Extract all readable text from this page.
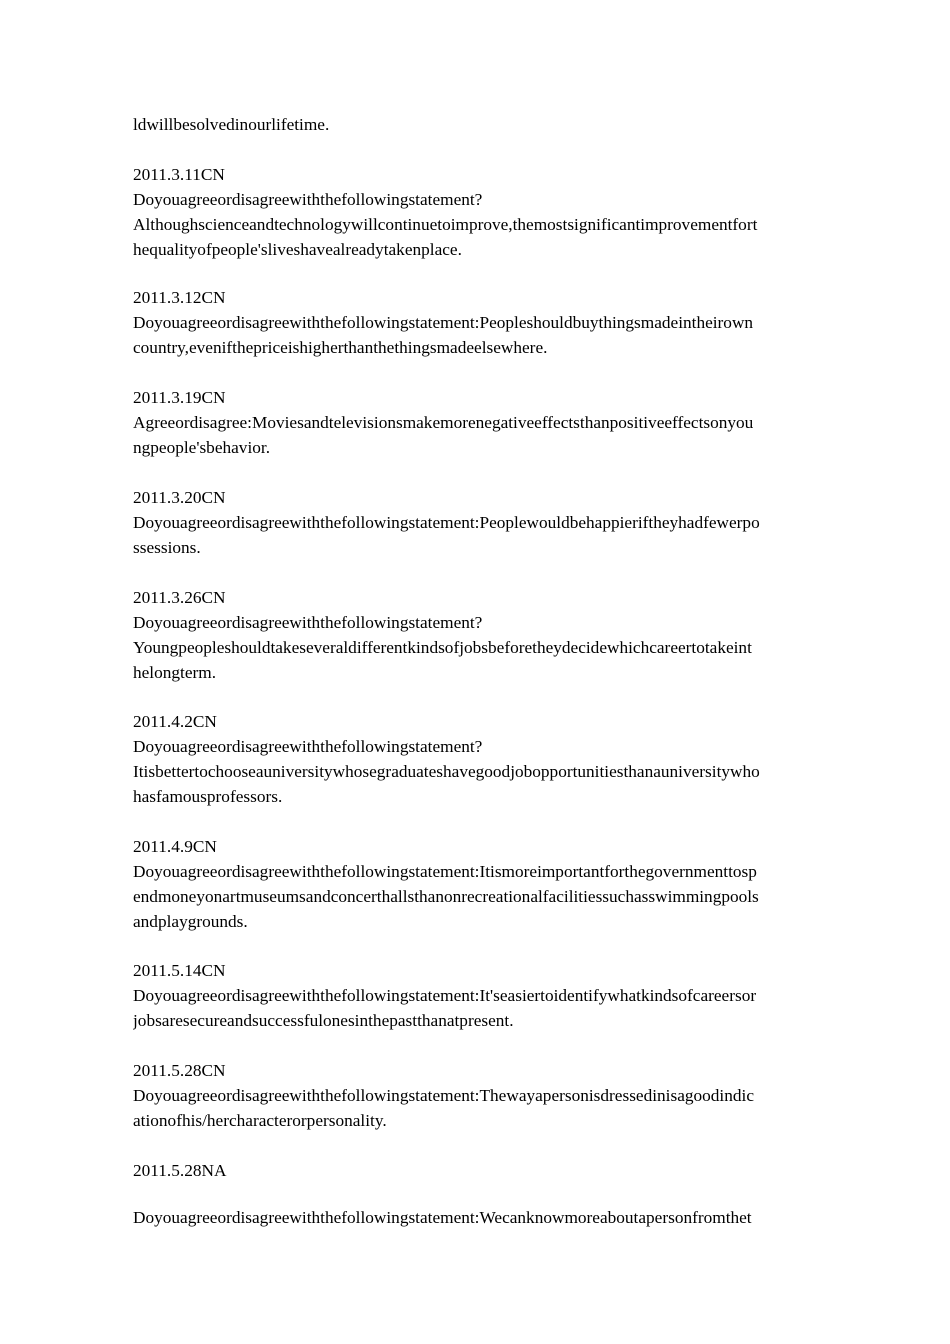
ldwillbesolvedinourlifetime.

2011.3.11CN

Doyouagreeordisagreewiththefollowingstatement?

Althoughscienceandtechnologywillcontinuetoimprove,themostsignificantimprovementfort

hequalityofpeople'sliveshavealreadytakenplace.

2011.3.12CN

Doyouagreeordisagreewiththefollowingstatement:Peopleshouldbuythingsmadeintheirown

country,evenifthepriceishigherthanthethingsmadeelsewhere.

2011.3.19CN

Agreeordisagree:Moviesandtelevisionsmakemorenegativeeffectsthanpositiveeffectsonyou

ngpeople'sbehavior.

2011.3.20CN

Doyouagreeordisagreewiththefollowingstatement:Peoplewouldbehappieriftheyhadfewerpo

ssessions.

2011.3.26CN

Doyouagreeordisagreewiththefollowingstatement?

Youngpeopleshouldtakeseveraldifferentkindsofjobsbeforetheydecidewhichcareertotakeint

helongterm.

2011.4.2CN

Doyouagreeordisagreewiththefollowingstatement?

Itisbettertochooseauniversitywhosegraduateshavegoodjobopportunitiesthanauniversitywho

hasfamousprofessors.

2011.4.9CN

Doyouagreeordisagreewiththefollowingstatement:Itismoreimportantforthegovernmenttosp

endmoneyonartmuseumsandconcerthallsthanonrecreationalfacilitiessuchasswimmingpools

andplaygrounds.

2011.5.14CN

Doyouagreeordisagreewiththefollowingstatement:It'seasiertoidentifywhatkindsofcareersor

jobsaresecureandsuccessfulonesinthepastthanatpresent.

2011.5.28CN

Doyouagreeordisagreewiththefollowingstatement:Thewayapersonisdressedinisagoodindic

ationofhis/hercharacterorpersonality.

2011.5.28NA

Doyouagreeordisagreewiththefollowingstatement:Wecanknowmoreaboutapersonfromthet
